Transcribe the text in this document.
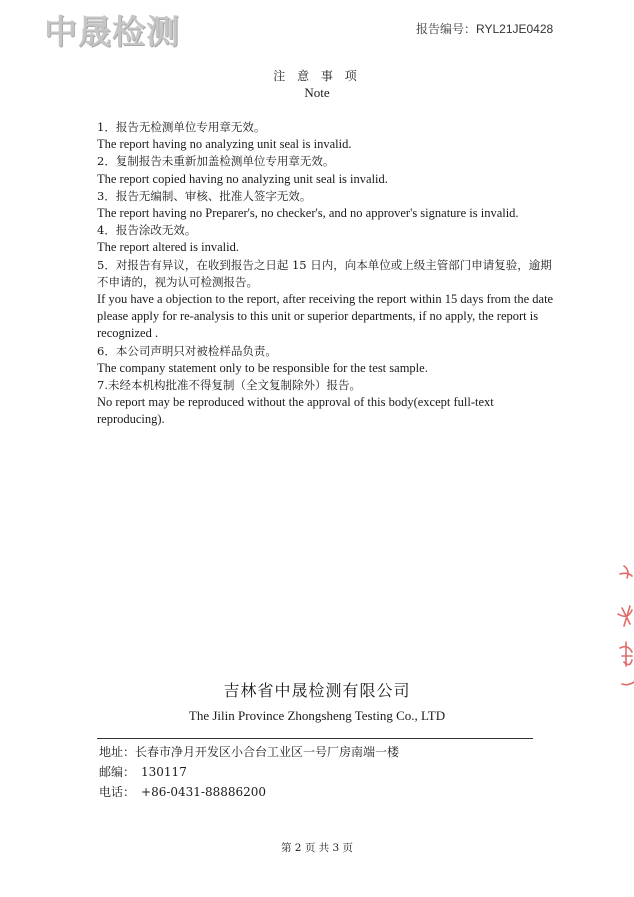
中晟检测	报告编号：RYL21JE0428
注 意 事 项
Note
1．报告无检测单位专用章无效。
The report having no analyzing unit seal is invalid.
2．复制报告未重新加盖检测单位专用章无效。
The report copied having no analyzing unit seal is invalid.
3．报告无编制、审核、批准人签字无效。
The report having no Preparer's, no checker's, and no approver's signature is invalid.
4．报告涂改无效。
The report altered is invalid.
5．对报告有异议，在收到报告之日起 15 日内，向本单位或上级主管部门申请复验，逾期不申请的，视为认可检测报告。
If you have a objection to the report, after receiving the report within 15 days from the date please apply for re-analysis to this unit or superior departments, if no apply, the report is recognized .
6．本公司声明只对被检样品负责。
The company statement only to be responsible for the test sample.
7.未经本机构批准不得复制（全文复制除外）报告。
No report may be reproduced without the approval of this body(except full-text reproducing).
吉林省中晟检测有限公司
The Jilin Province Zhongsheng Testing Co., LTD
地址：长春市净月开发区小合台工业区一号厂房南端一楼
邮编： 130117
电话： +86-0431-88886200
第 2 页 共 3 页
